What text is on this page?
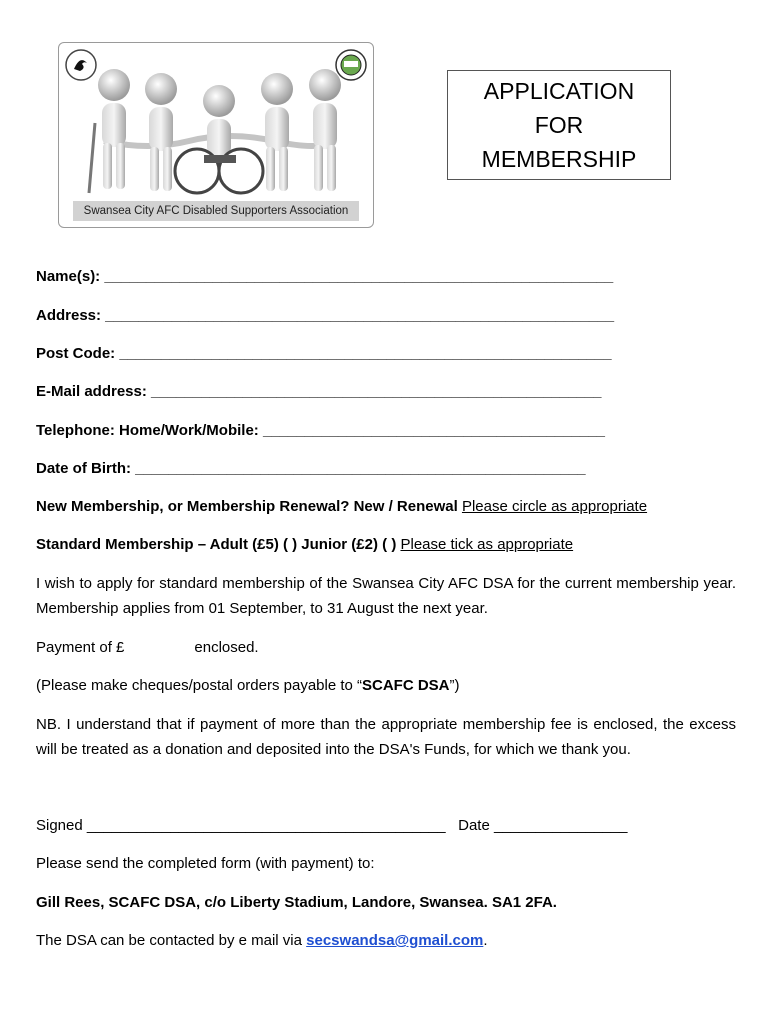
Swansea City AFC Disabled Supporters Association
APPLICATION
FOR
MEMBERSHIP
Name(s): _____________________________________________________________
Address: _____________________________________________________________
Post Code: ___________________________________________________________
E-Mail address: ______________________________________________________
Telephone: Home/Work/Mobile: _________________________________________
Date of Birth: ______________________________________________________
New Membership, or Membership Renewal? New / Renewal Please circle as appropriate
Standard Membership – Adult (£5) ( ) Junior (£2) ( ) Please tick as appropriate
I wish to apply for standard membership of the Swansea City AFC DSA for the current membership year. Membership applies from 01 September, to 31 August the next year.
Payment of £	enclosed.
(Please make cheques/postal orders payable to “SCAFC DSA”)
NB. I understand that if payment of more than the appropriate membership fee is enclosed, the excess will be treated as a donation and deposited into the DSA's Funds, for which we thank you.
Signed ___________________________________________ Date ________________
Please send the completed form (with payment) to:
Gill Rees, SCAFC DSA, c/o Liberty Stadium, Landore, Swansea. SA1 2FA.
The DSA can be contacted by e mail via secswandsa@gmail.com.
